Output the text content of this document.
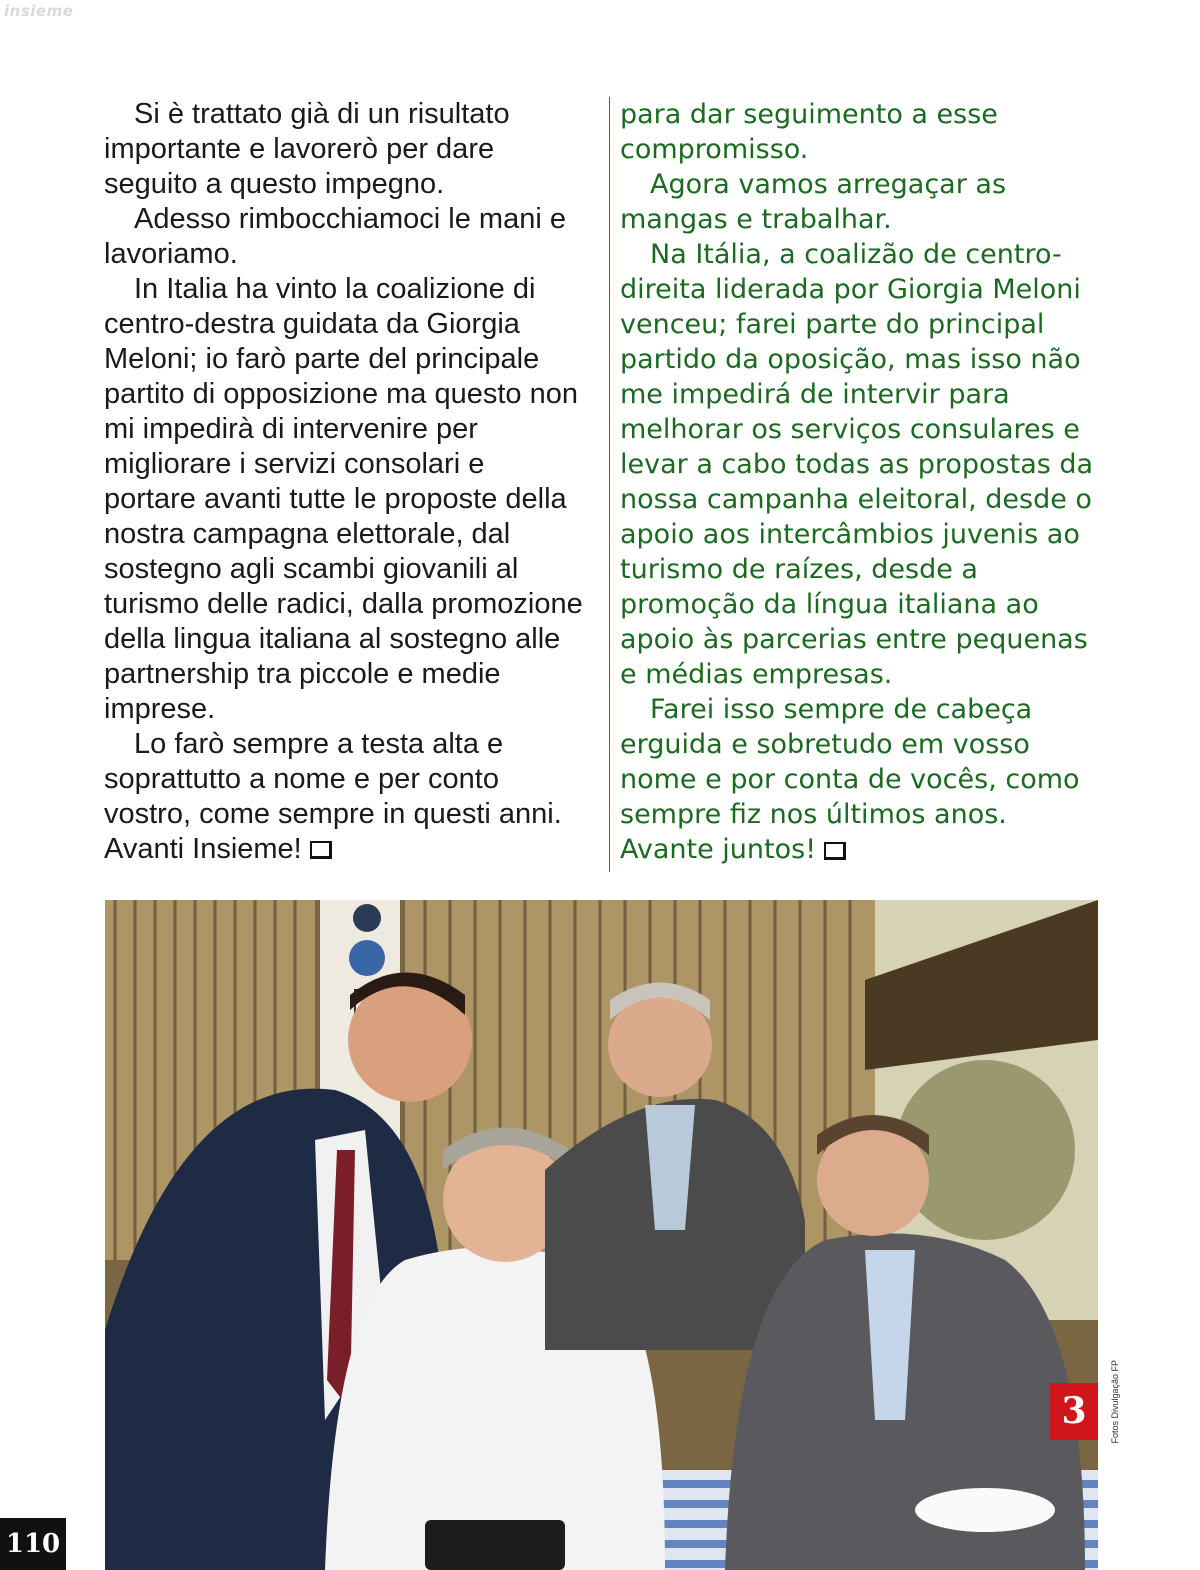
insieme

Si è trattato già di un risultato importante e lavorerò per dare seguito a questo impegno.

Adesso rimbocchiamoci le mani e lavoriamo.

In Italia ha vinto la coalizione di centro-destra guidata da Giorgia Meloni; io farò parte del principale partito di opposizione ma questo non mi impedirà di intervenire per migliorare i servizi consolari e portare avanti tutte le proposte della nostra campagna elettorale, dal sostegno agli scambi giovanili al turismo delle radici, dalla promozione della lingua italiana al sostegno alle partnership tra piccole e medie imprese.

Lo farò sempre a testa alta e soprattutto a nome e per conto vostro, come sempre in questi anni. Avanti Insieme!

para dar seguimento a esse compromisso.

Agora vamos arregaçar as mangas e trabalhar.

Na Itália, a coalizão de centro-direita liderada por Giorgia Meloni venceu; farei parte do principal partido da oposição, mas isso não me impedirá de intervir para melhorar os serviços consulares e levar a cabo todas as propostas da nossa campanha eleitoral, desde o apoio aos intercâmbios juvenis ao turismo de raízes, desde a promoção da língua italiana ao apoio às parcerias entre pequenas e médias empresas.

Farei isso sempre de cabeça erguida e sobretudo em vosso nome e por conta de vocês, como sempre fiz nos últimos anos. Avante juntos!

3	Fotos Divulgação FP
110
